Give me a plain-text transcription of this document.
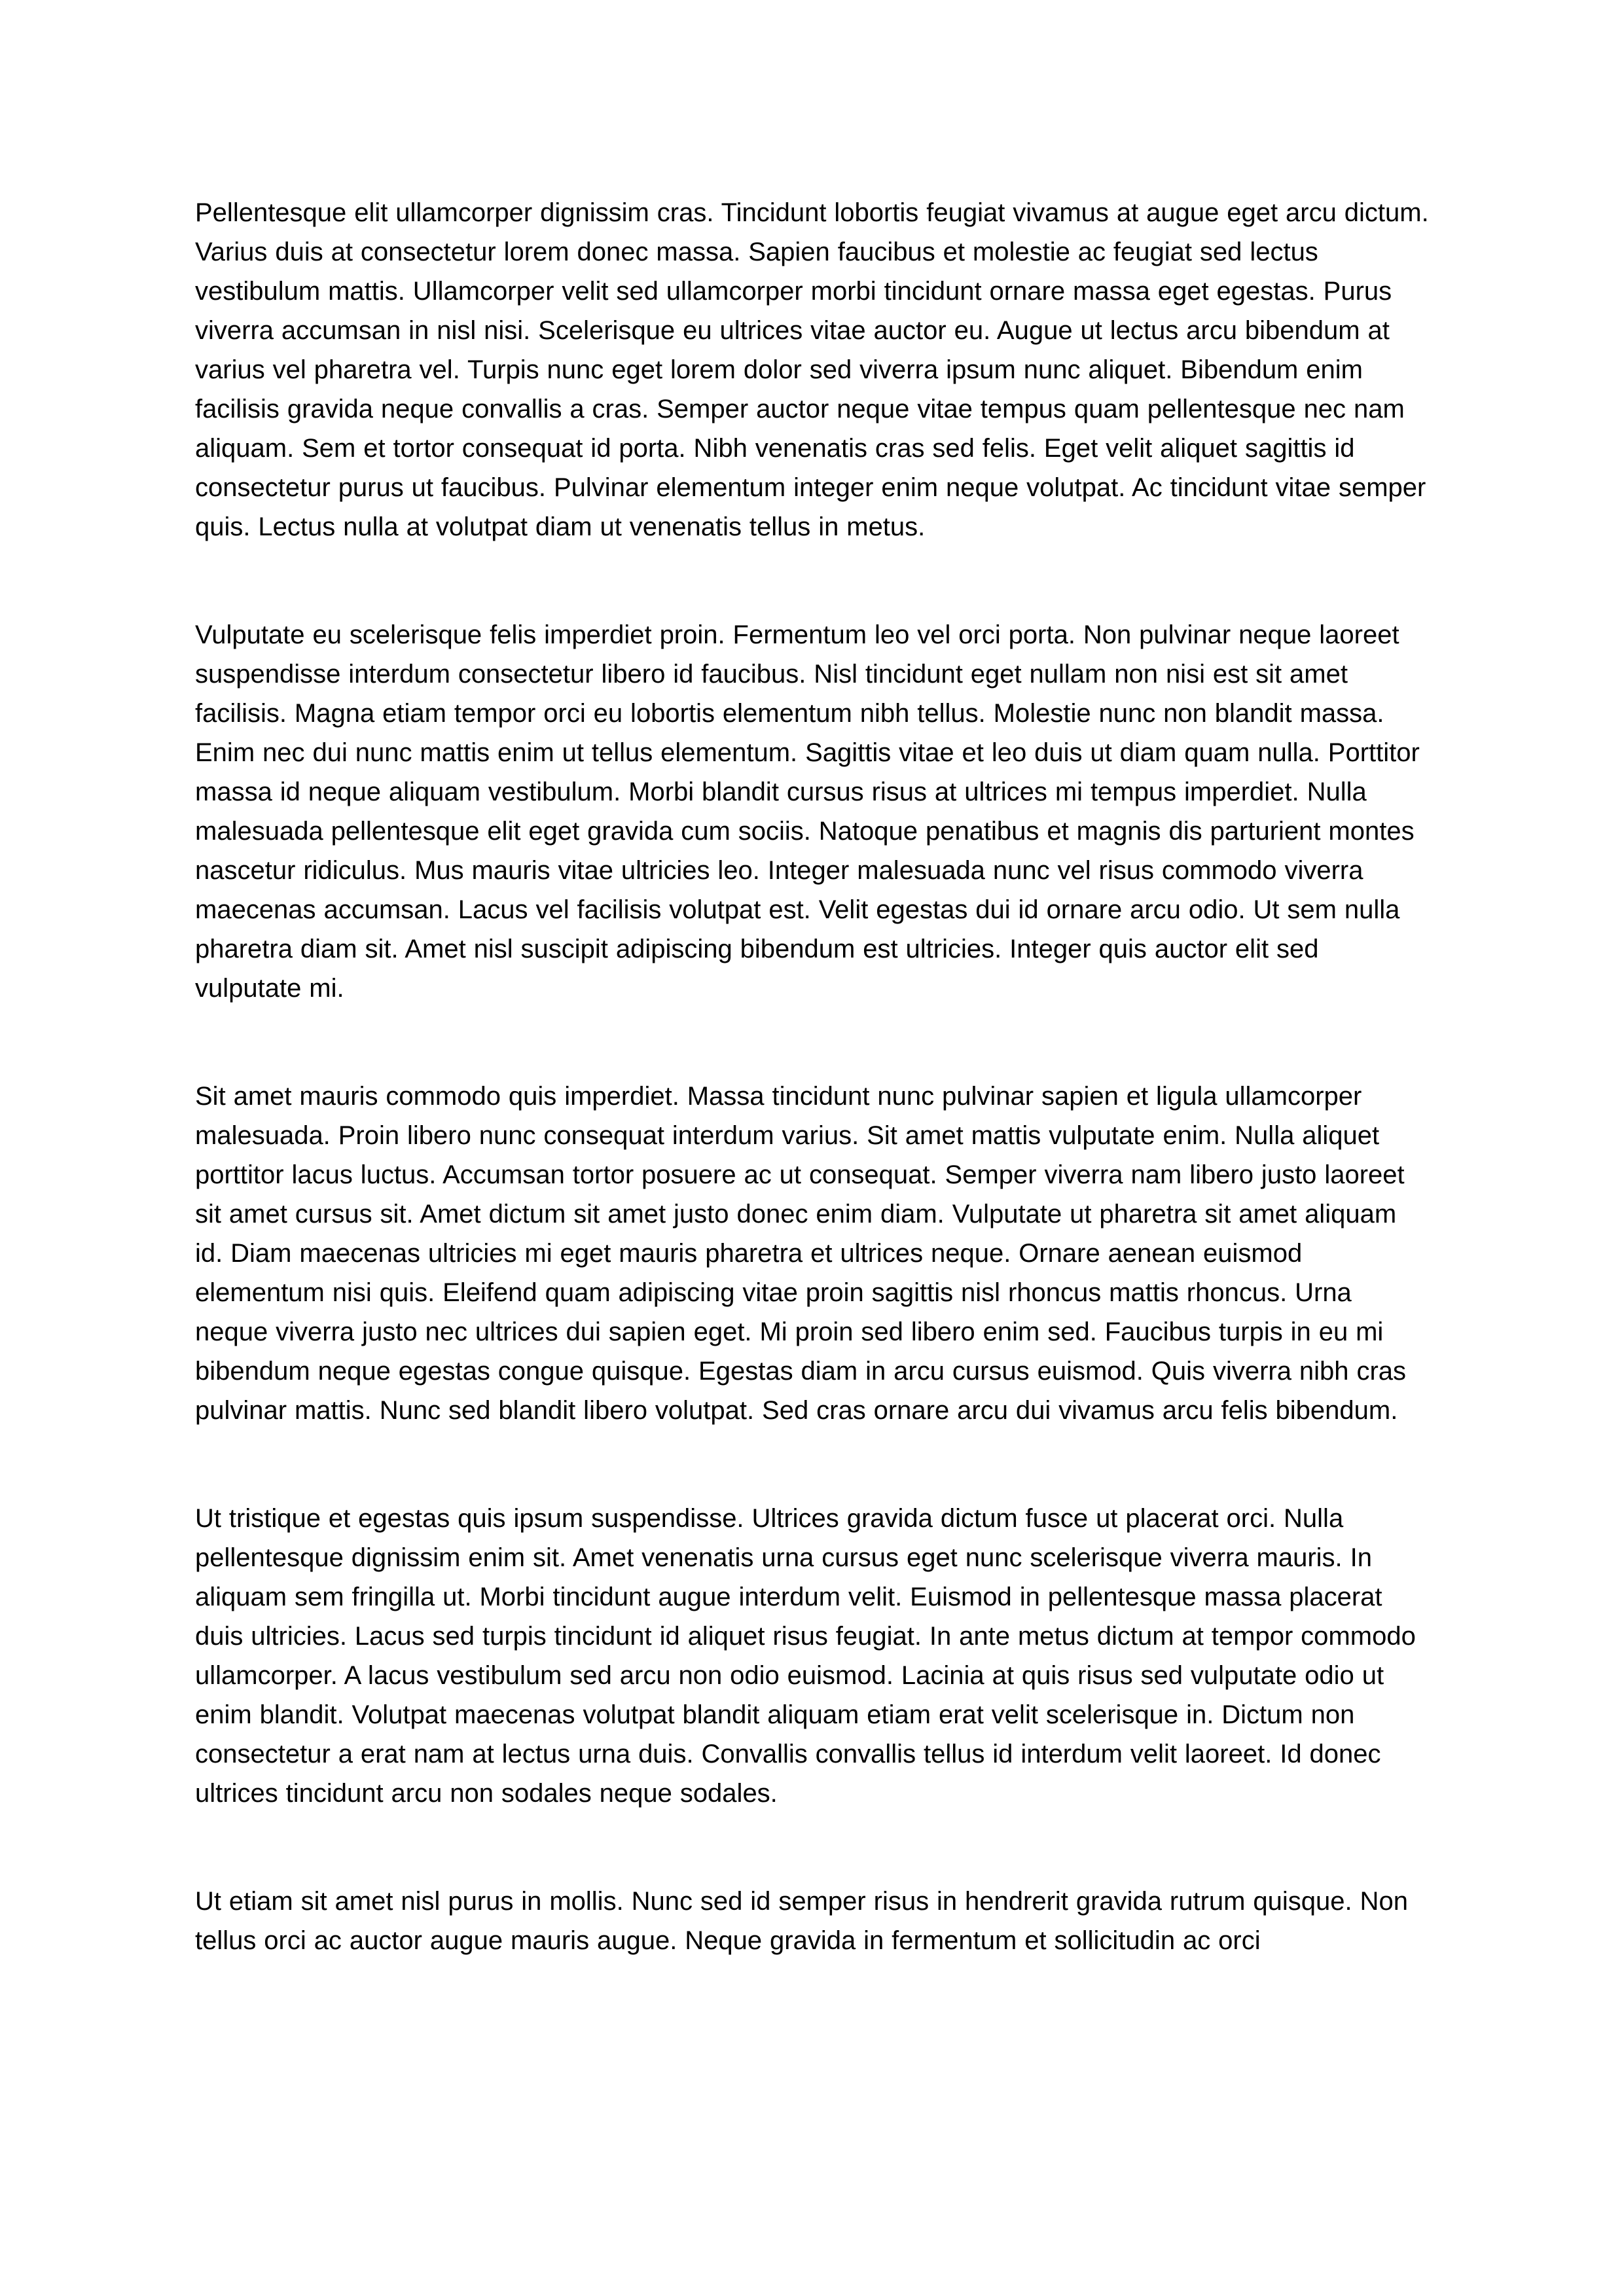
Pellentesque elit ullamcorper dignissim cras. Tincidunt lobortis feugiat vivamus at augue eget arcu dictum. Varius duis at consectetur lorem donec massa. Sapien faucibus et molestie ac feugiat sed lectus vestibulum mattis. Ullamcorper velit sed ullamcorper morbi tincidunt ornare massa eget egestas. Purus viverra accumsan in nisl nisi. Scelerisque eu ultrices vitae auctor eu. Augue ut lectus arcu bibendum at varius vel pharetra vel. Turpis nunc eget lorem dolor sed viverra ipsum nunc aliquet. Bibendum enim facilisis gravida neque convallis a cras. Semper auctor neque vitae tempus quam pellentesque nec nam aliquam. Sem et tortor consequat id porta. Nibh venenatis cras sed felis. Eget velit aliquet sagittis id consectetur purus ut faucibus. Pulvinar elementum integer enim neque volutpat. Ac tincidunt vitae semper quis. Lectus nulla at volutpat diam ut venenatis tellus in metus.

Vulputate eu scelerisque felis imperdiet proin. Fermentum leo vel orci porta. Non pulvinar neque laoreet suspendisse interdum consectetur libero id faucibus. Nisl tincidunt eget nullam non nisi est sit amet facilisis. Magna etiam tempor orci eu lobortis elementum nibh tellus. Molestie nunc non blandit massa. Enim nec dui nunc mattis enim ut tellus elementum. Sagittis vitae et leo duis ut diam quam nulla. Porttitor massa id neque aliquam vestibulum. Morbi blandit cursus risus at ultrices mi tempus imperdiet. Nulla malesuada pellentesque elit eget gravida cum sociis. Natoque penatibus et magnis dis parturient montes nascetur ridiculus. Mus mauris vitae ultricies leo. Integer malesuada nunc vel risus commodo viverra maecenas accumsan. Lacus vel facilisis volutpat est. Velit egestas dui id ornare arcu odio. Ut sem nulla pharetra diam sit. Amet nisl suscipit adipiscing bibendum est ultricies. Integer quis auctor elit sed vulputate mi.

Sit amet mauris commodo quis imperdiet. Massa tincidunt nunc pulvinar sapien et ligula ullamcorper malesuada. Proin libero nunc consequat interdum varius. Sit amet mattis vulputate enim. Nulla aliquet porttitor lacus luctus. Accumsan tortor posuere ac ut consequat. Semper viverra nam libero justo laoreet sit amet cursus sit. Amet dictum sit amet justo donec enim diam. Vulputate ut pharetra sit amet aliquam id. Diam maecenas ultricies mi eget mauris pharetra et ultrices neque. Ornare aenean euismod elementum nisi quis. Eleifend quam adipiscing vitae proin sagittis nisl rhoncus mattis rhoncus. Urna neque viverra justo nec ultrices dui sapien eget. Mi proin sed libero enim sed. Faucibus turpis in eu mi bibendum neque egestas congue quisque. Egestas diam in arcu cursus euismod. Quis viverra nibh cras pulvinar mattis. Nunc sed blandit libero volutpat. Sed cras ornare arcu dui vivamus arcu felis bibendum.

Ut tristique et egestas quis ipsum suspendisse. Ultrices gravida dictum fusce ut placerat orci. Nulla pellentesque dignissim enim sit. Amet venenatis urna cursus eget nunc scelerisque viverra mauris. In aliquam sem fringilla ut. Morbi tincidunt augue interdum velit. Euismod in pellentesque massa placerat duis ultricies. Lacus sed turpis tincidunt id aliquet risus feugiat. In ante metus dictum at tempor commodo ullamcorper. A lacus vestibulum sed arcu non odio euismod. Lacinia at quis risus sed vulputate odio ut enim blandit. Volutpat maecenas volutpat blandit aliquam etiam erat velit scelerisque in. Dictum non consectetur a erat nam at lectus urna duis. Convallis convallis tellus id interdum velit laoreet. Id donec ultrices tincidunt arcu non sodales neque sodales.

Ut etiam sit amet nisl purus in mollis. Nunc sed id semper risus in hendrerit gravida rutrum quisque. Non tellus orci ac auctor augue mauris augue. Neque gravida in fermentum et sollicitudin ac orci
